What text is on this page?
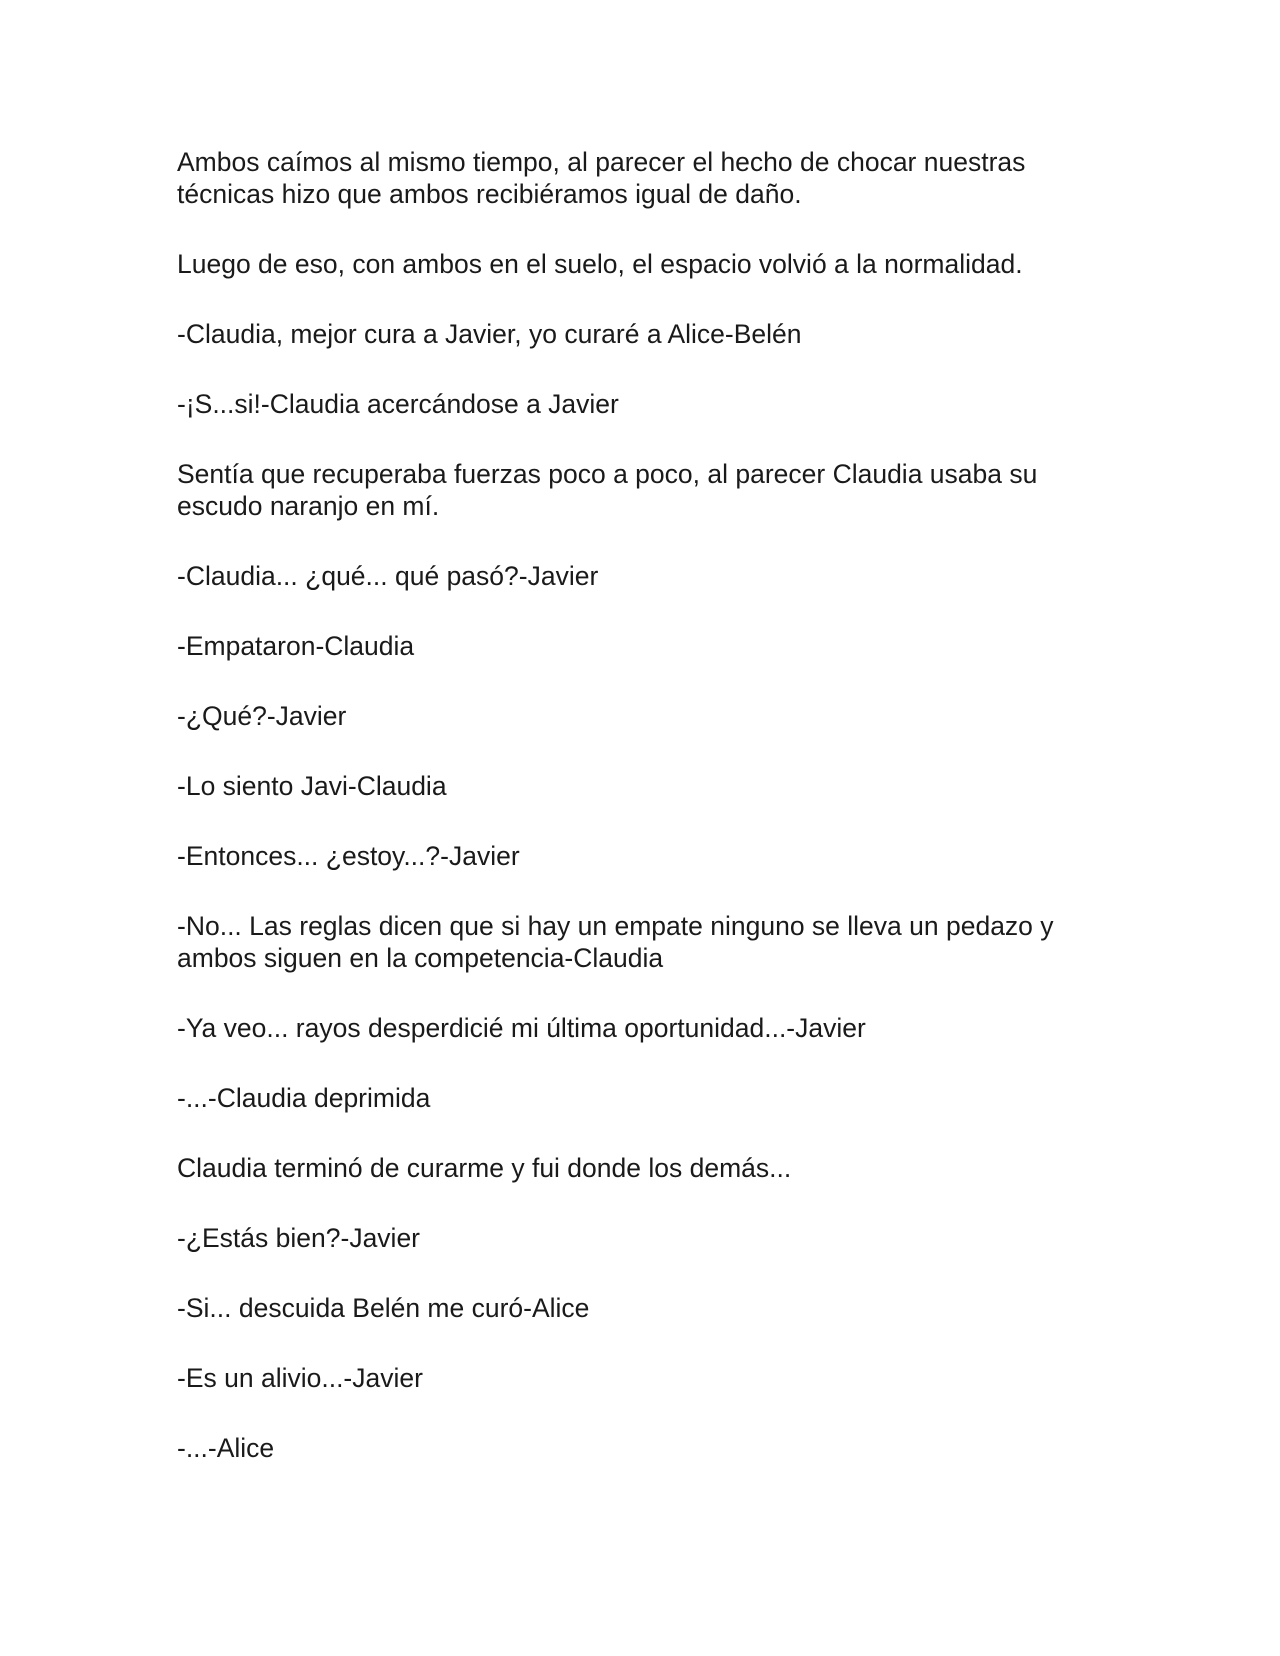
Ambos caímos al mismo tiempo, al parecer el hecho de chocar nuestras técnicas hizo que ambos recibiéramos igual de daño.

Luego de eso, con ambos en el suelo, el espacio volvió a la normalidad.

-Claudia, mejor cura a Javier, yo curaré a Alice-Belén

-¡S...si!-Claudia acercándose a Javier

Sentía que recuperaba fuerzas poco a poco, al parecer Claudia usaba su escudo naranjo en mí.

-Claudia... ¿qué... qué pasó?-Javier

-Empataron-Claudia

-¿Qué?-Javier

-Lo siento Javi-Claudia

-Entonces... ¿estoy...?-Javier

-No... Las reglas dicen que si hay un empate ninguno se lleva un pedazo y ambos siguen en la competencia-Claudia

-Ya veo... rayos desperdicié mi última oportunidad...-Javier

-...-Claudia deprimida

Claudia terminó de curarme y fui donde los demás...

-¿Estás bien?-Javier

-Si... descuida Belén me curó-Alice

-Es un alivio...-Javier

-...-Alice
